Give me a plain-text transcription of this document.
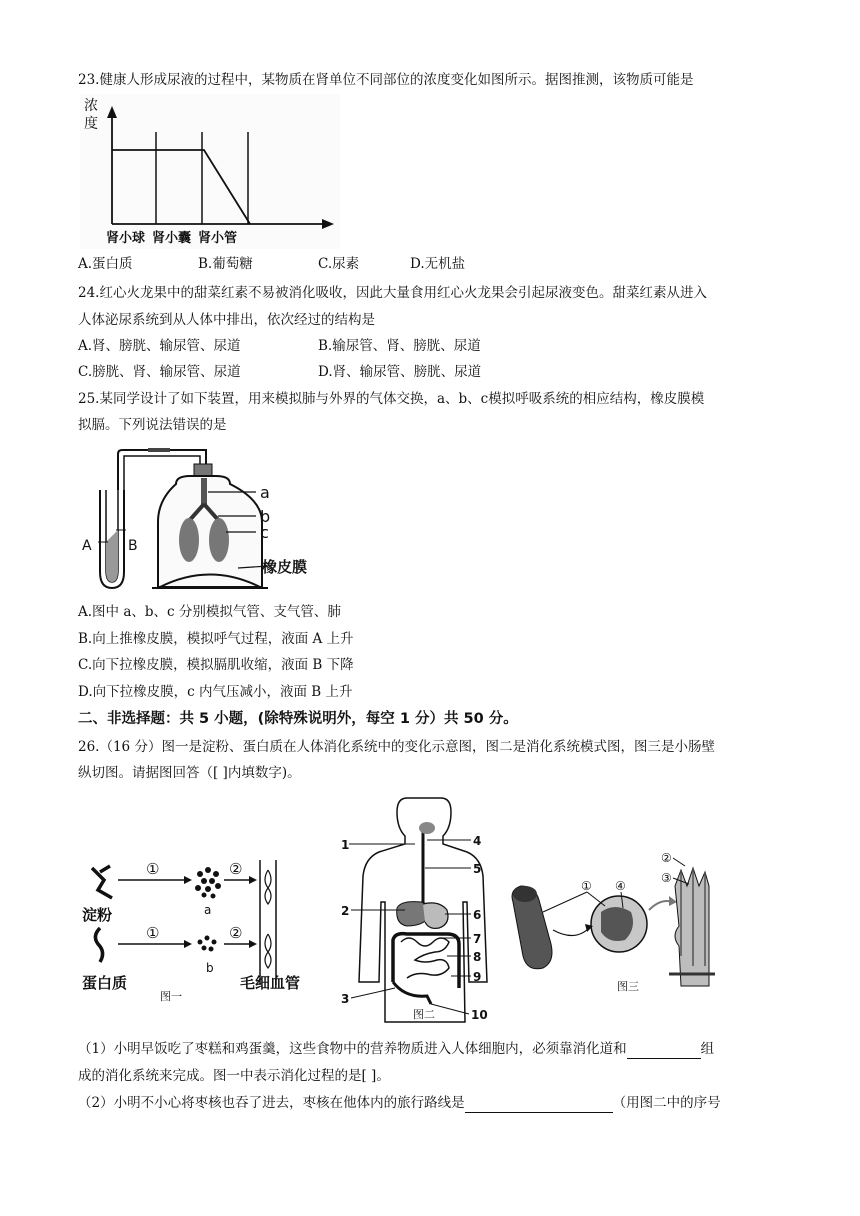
23.健康人形成尿液的过程中，某物质在肾单位不同部位的浓度变化如图所示。据图推测，该物质可能是
浓
度
肾小球 肾小囊 肾小管
A.蛋白质	B.葡萄糖	C.尿素	D.无机盐
24.红心火龙果中的甜菜红素不易被消化吸收，因此大量食用红心火龙果会引起尿液变色。甜菜红素从进入
人体泌尿系统到从人体中排出，依次经过的结构是
A.肾、膀胱、输尿管、尿道	B.输尿管、肾、膀胱、尿道
C.膀胱、肾、输尿管、尿道	D.肾、输尿管、膀胱、尿道
25.某同学设计了如下装置，用来模拟肺与外界的气体交换，a、b、c模拟呼吸系统的相应结构，橡皮膜模
拟膈。下列说法错误的是
a
b
c
橡皮膜
A	B
A.图中 a、b、c 分别模拟气管、支气管、肺
B.向上推橡皮膜，模拟呼气过程，液面 A 上升
C.向下拉橡皮膜，模拟膈肌收缩，液面 B 下降
D.向下拉橡皮膜，c 内气压减小，液面 B 上升
二、非选择题：共 5 小题，(除特殊说明外，每空 1 分）共 50 分。
26.（16 分）图一是淀粉、蛋白质在人体消化系统中的变化示意图，图二是消化系统模式图，图三是小肠壁
纵切图。请据图回答（[ ]内填数字)。
①
a
②
①
b
②
淀粉
蛋白质	毛细血管
图一
1
2
3
4
5
6
7
8
9
10
图二
① ④
②
③
图三
（1）小明早饭吃了枣糕和鸡蛋羹，这些食物中的营养物质进入人体细胞内，必须靠消化道和	组
成的消化系统来完成。图一中表示消化过程的是[ ]。
（2）小明不小心将枣核也吞了进去，枣核在他体内的旅行路线是	（用图二中的序号
